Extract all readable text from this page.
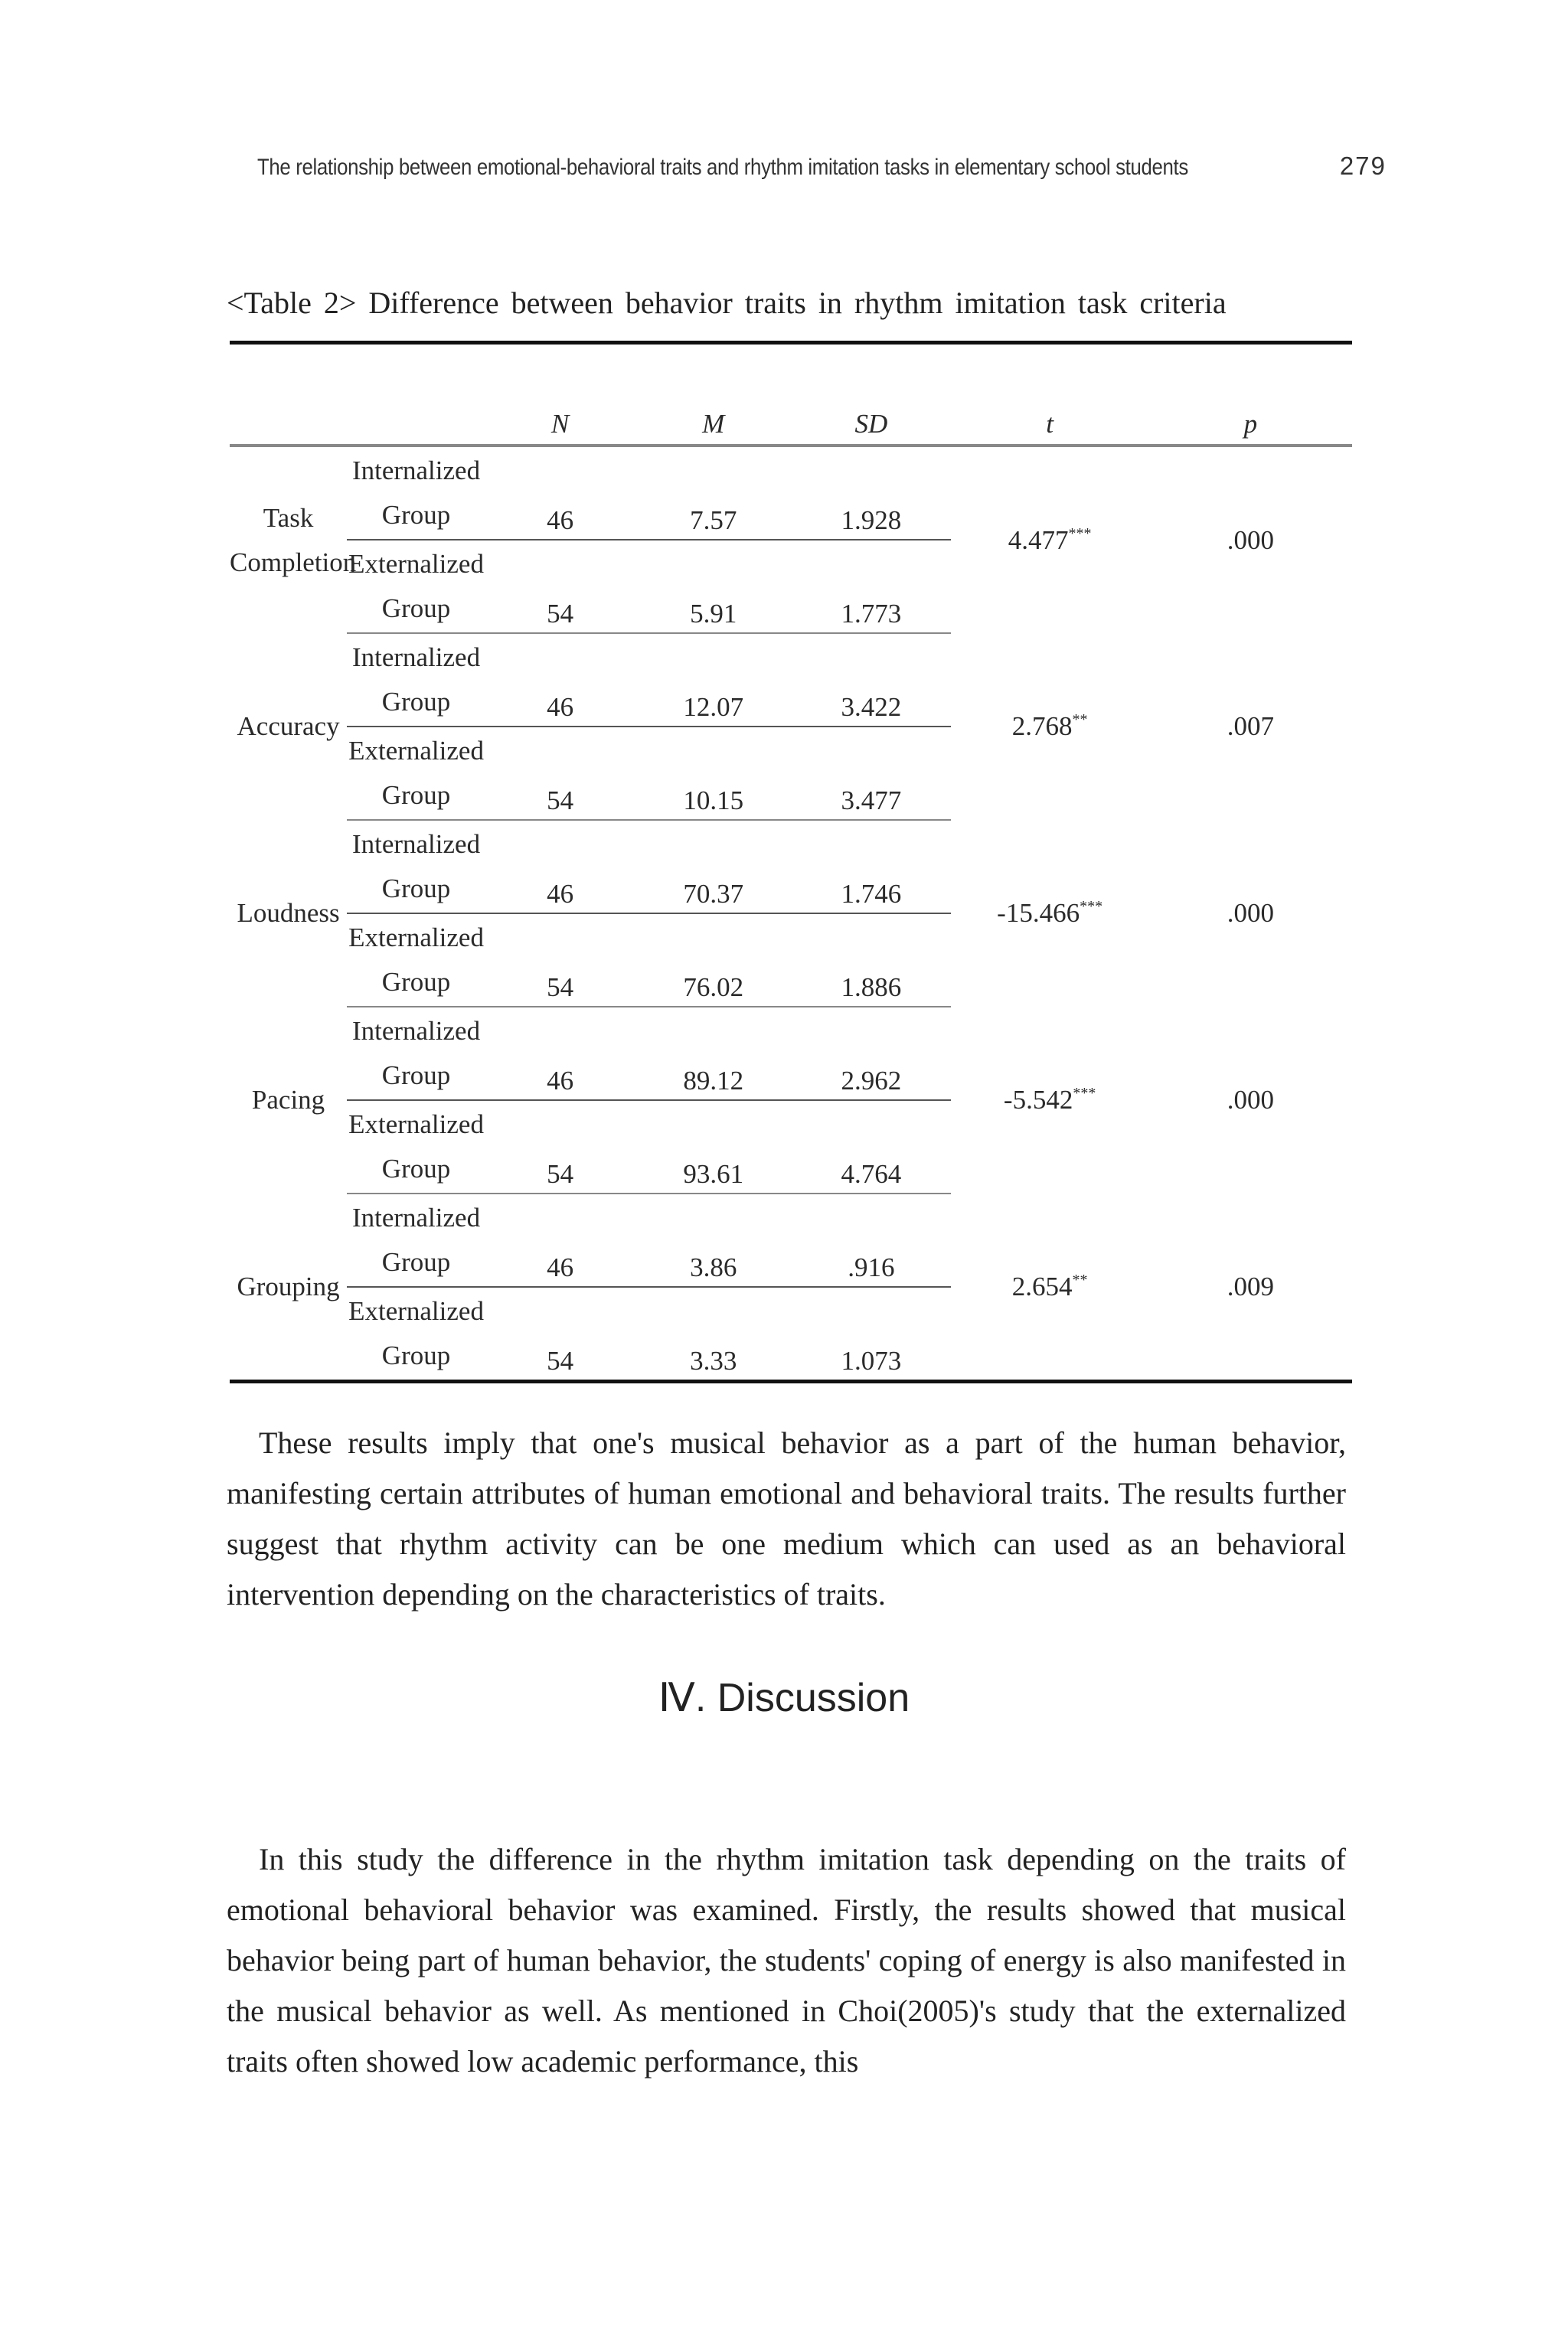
The relationship between emotional-behavioral traits and rhythm imitation tasks in elementary school students	279
<Table 2> Difference between behavior traits in rhythm imitation task criteria
		N	M	SD	t	p
Task
Completion	Internalized
Group	46	7.57	1.928	4.477***	.000
	Externalized
Group	54	5.91	1.773		
Accuracy	Internalized
Group	46	12.07	3.422	2.768**	.007
	Externalized
Group	54	10.15	3.477		
Loudness	Internalized
Group	46	70.37	1.746	-15.466***	.000
	Externalized
Group	54	76.02	1.886		
Pacing	Internalized
Group	46	89.12	2.962	-5.542***	.000
	Externalized
Group	54	93.61	4.764		
Grouping	Internalized
Group	46	3.86	.916	2.654**	.009
	Externalized
Group	54	3.33	1.073		
These results imply that one's musical behavior as a part of the human behavior, manifesting certain attributes of human emotional and behavioral traits. The results further suggest that rhythm activity can be one medium which can used as an behavioral intervention depending on the characteristics of traits.
Ⅳ. Discussion
In this study the difference in the rhythm imitation task depending on the traits of emotional behavioral behavior was examined. Firstly, the results showed that musical behavior being part of human behavior, the students' coping of energy is also manifested in the musical behavior as well. As mentioned in Choi(2005)'s study that the externalized traits often showed low academic performance, this
